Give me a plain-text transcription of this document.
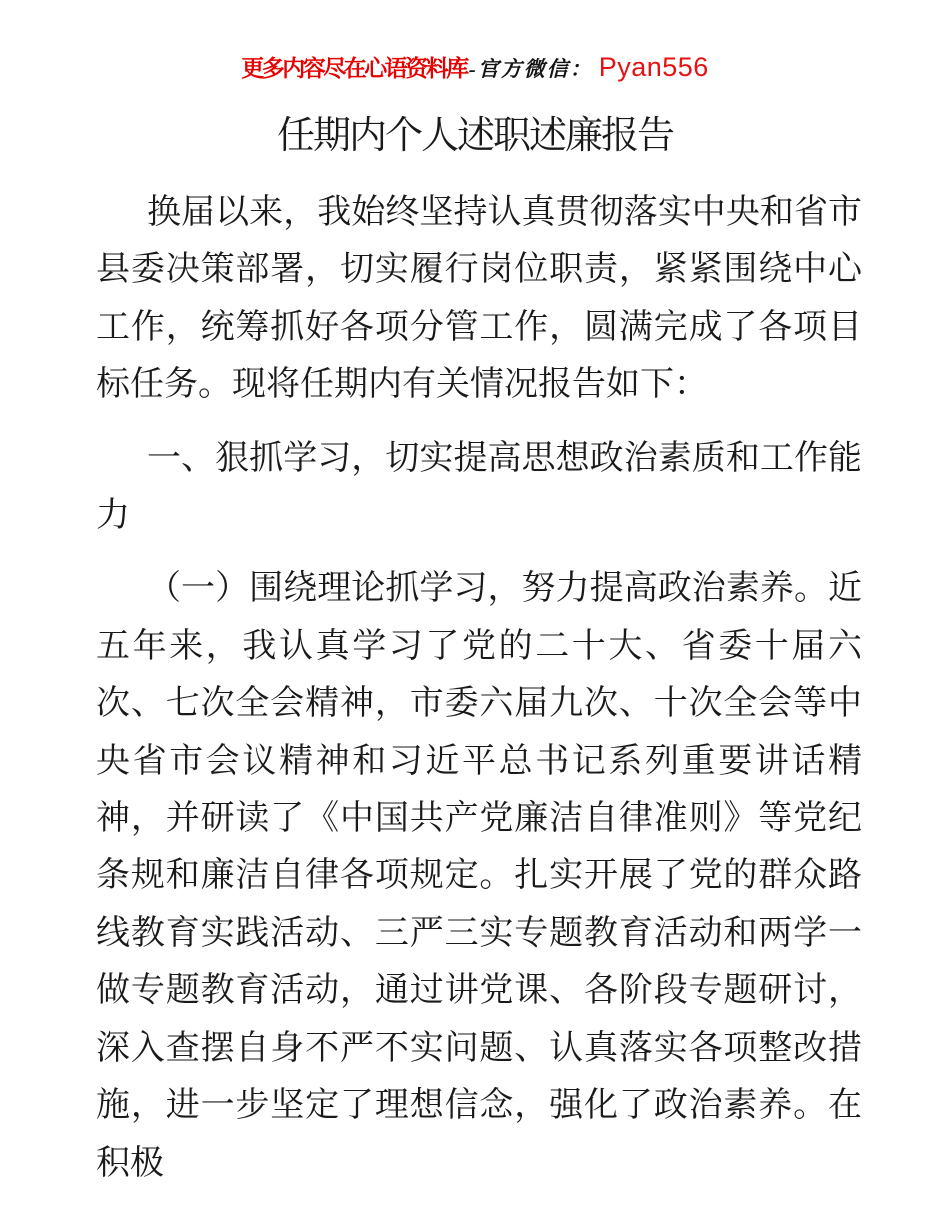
更多内容尽在心语资料库-官方微信： Pyan556
任期内个人述职述廉报告

换届以来，我始终坚持认真贯彻落实中央和省市县委决策部署，切实履行岗位职责，紧紧围绕中心工作，统筹抓好各项分管工作，圆满完成了各项目标任务。现将任期内有关情况报告如下：

一、狠抓学习，切实提高思想政治素质和工作能力

（一）围绕理论抓学习，努力提高政治素养。近五年来，我认真学习了党的二十大、省委十届六次、七次全会精神，市委六届九次、十次全会等中央省市会议精神和习近平总书记系列重要讲话精神，并研读了《中国共产党廉洁自律准则》等党纪条规和廉洁自律各项规定。扎实开展了党的群众路线教育实践活动、三严三实专题教育活动和两学一做专题教育活动，通过讲党课、各阶段专题研讨，深入查摆自身不严不实问题、认真落实各项整改措施，进一步坚定了理想信念，强化了政治素养。在积极
